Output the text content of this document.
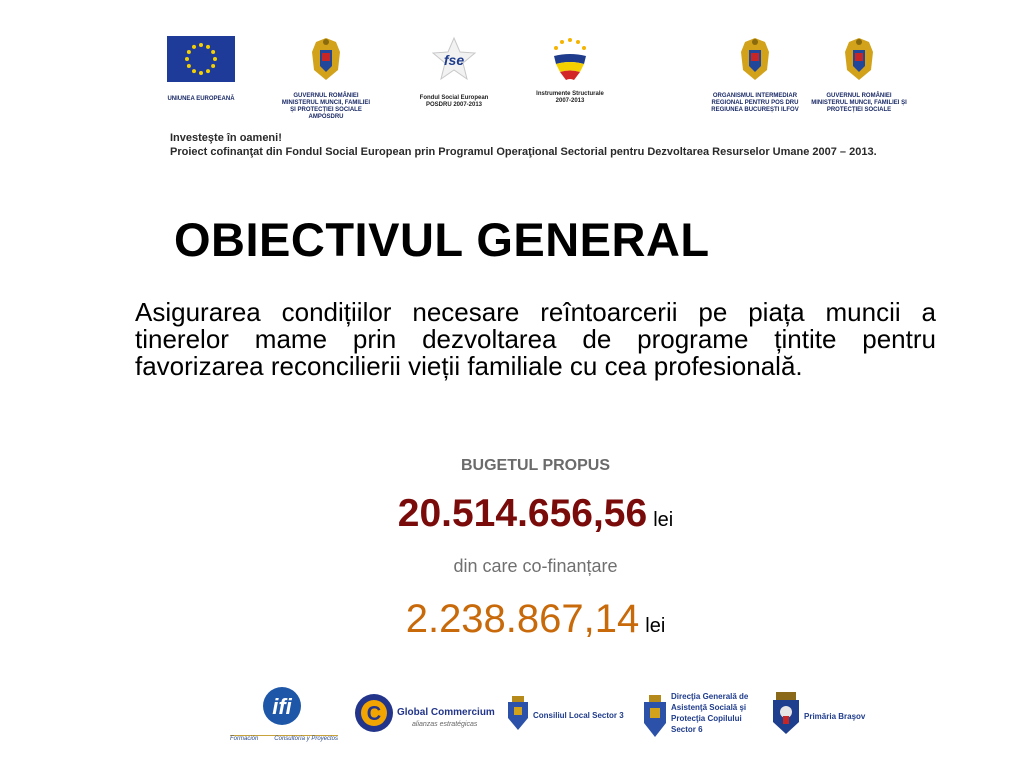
UNIUNEA EUROPEANĂ	GUVERNUL ROMÂNIEI MINISTERUL MUNCII, FAMILIEI ȘI PROTECȚIEI SOCIALE AMPOSDRU
fse
Fondul Social European POSDRU 2007-2013
Instrumente Structurale 2007-2013
ORGANISMUL INTERMEDIAR REGIONAL PENTRU POS DRU REGIUNEA BUCUREȘTI ILFOV
GUVERNUL ROMÂNIEI MINISTERUL MUNCII, FAMILIEI ȘI PROTECȚIEI SOCIALE
Investeşte în oameni!
Proiect cofinanţat din Fondul Social European prin Programul Operaţional Sectorial pentru Dezvoltarea Resurselor Umane 2007 – 2013.
OBIECTIVUL GENERAL
Asigurarea condițiilor necesare reîntoarcerii pe piața muncii a tinerelor mame prin dezvoltarea de programe țintite pentru favorizarea reconcilierii vieții familiale cu cea profesională.
BUGETUL PROPUS
20.514.656,56 lei
din care co-finanțare
2.238.867,14 lei
ifi
Formación	Consultoría y Proyectos
C Global Commercium
alianzas estratégicas
Consiliul Local Sector 3
Direcţia Generală de Asistenţă Socială şi Protecţia Copilului Sector 6
Primăria Braşov
